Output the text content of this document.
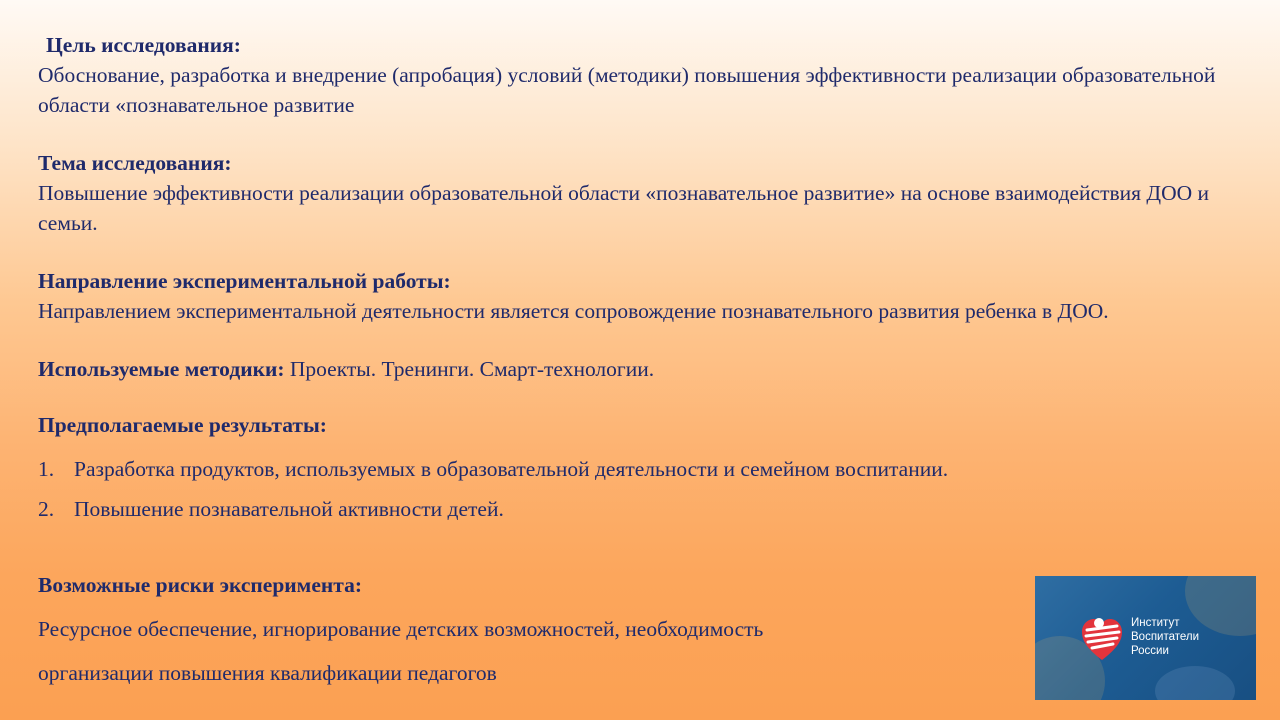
Цель исследования:
Обоснование, разработка и внедрение (апробация) условий (методики) повышения эффективности реализации образовательной области «познавательное развитие
Тема исследования:
Повышение эффективности реализации образовательной области «познавательное развитие» на основе взаимодействия ДОО и семьи.
Направление экспериментальной работы:
Направлением экспериментальной деятельности является сопровождение познавательного развития ребенка в ДОО.
Используемые методики: Проекты. Тренинги. Смарт-технологии.
Предполагаемые результаты:
1. Разработка продуктов, используемых в образовательной деятельности и семейном воспитании.
2. Повышение познавательной активности детей.
Возможные риски эксперимента:
Ресурсное обеспечение, игнорирование детских возможностей, необходимость
организации повышения квалификации педагогов
Институт
Воспитатели
России
